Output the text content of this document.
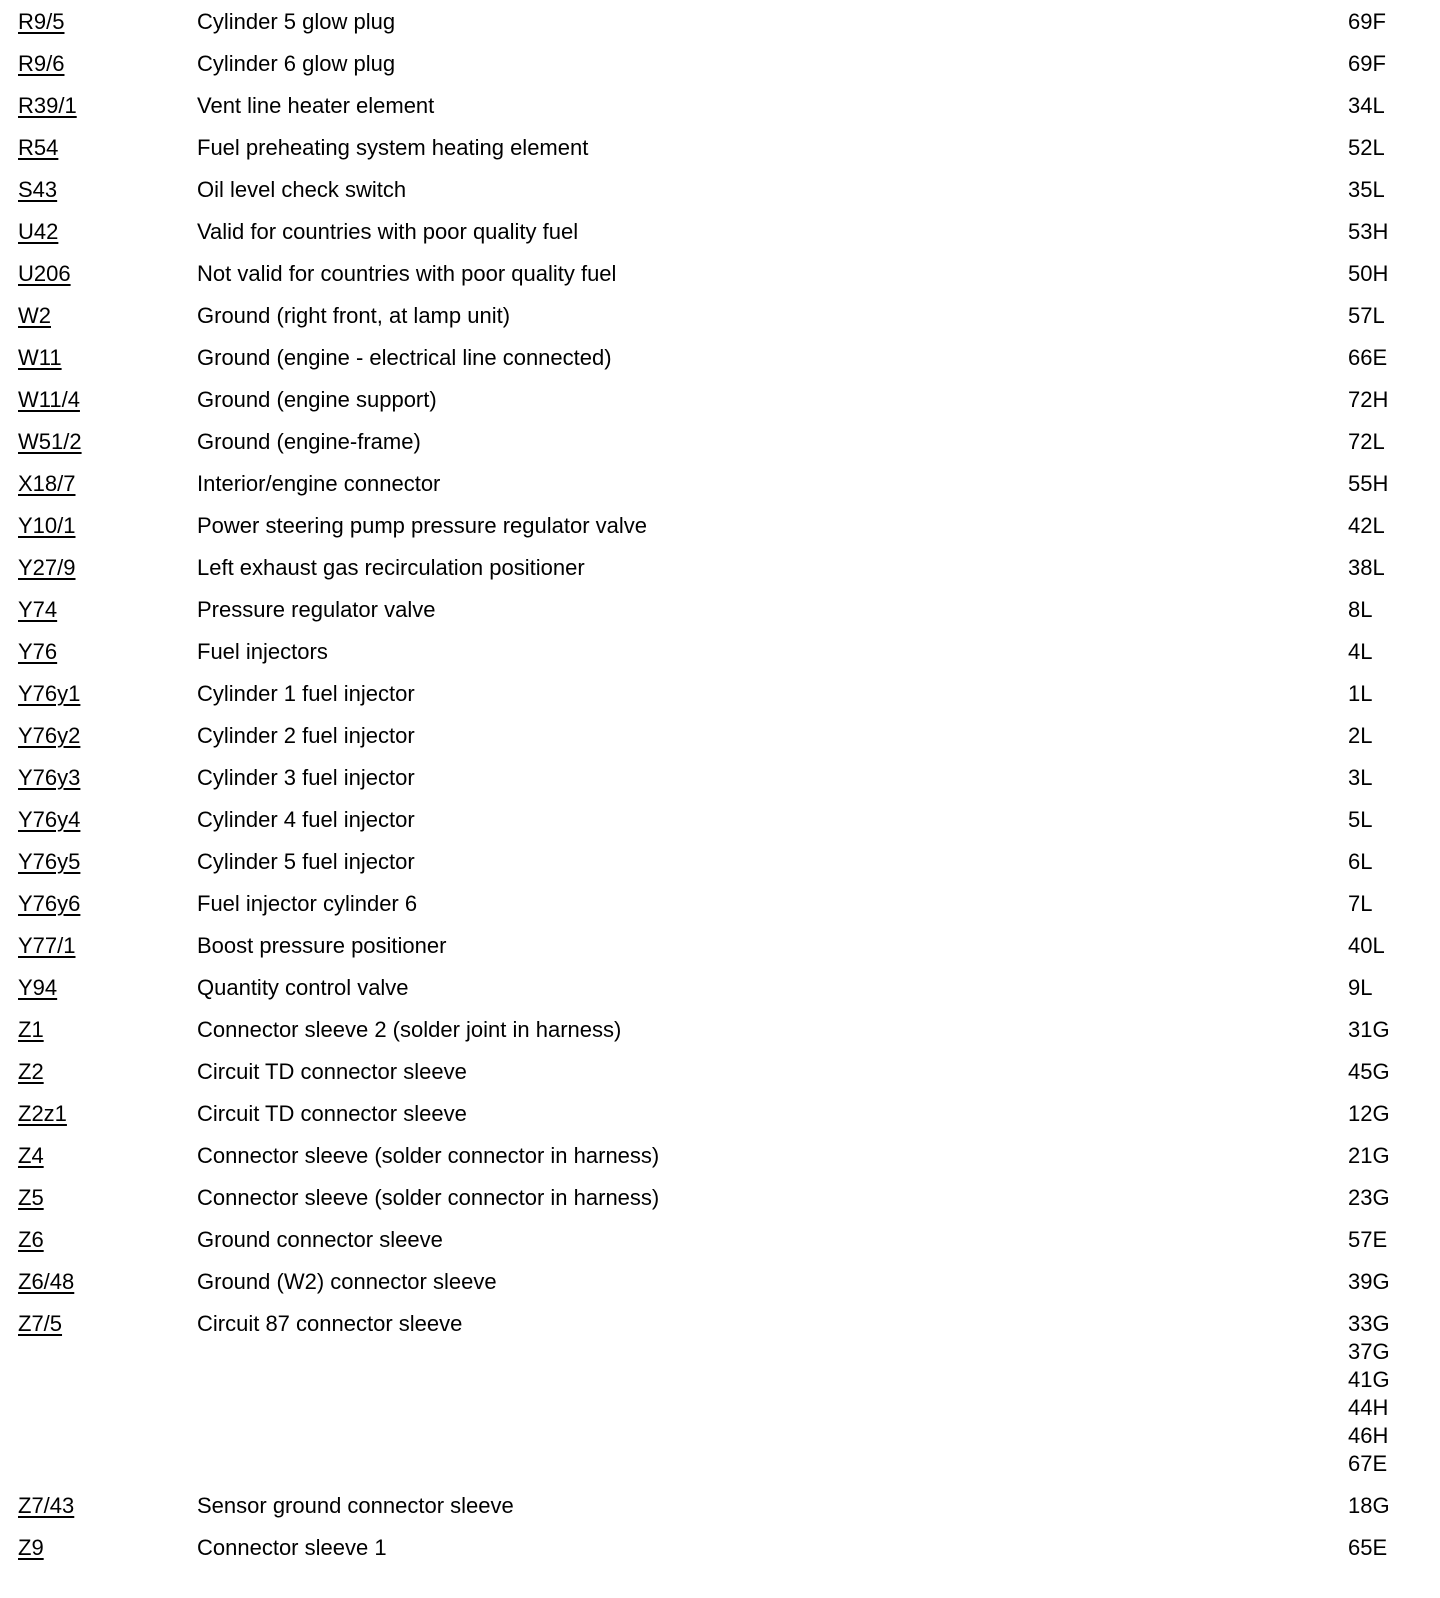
R9/5	Cylinder 5 glow plug	69F
R9/6	Cylinder 6 glow plug	69F
R39/1	Vent line heater element	34L
R54	Fuel preheating system heating element	52L
S43	Oil level check switch	35L
U42	Valid for countries with poor quality fuel	53H
U206	Not valid for countries with poor quality fuel	50H
W2	Ground (right front, at lamp unit)	57L
W11	Ground (engine - electrical line connected)	66E
W11/4	Ground (engine support)	72H
W51/2	Ground (engine-frame)	72L
X18/7	Interior/engine connector	55H
Y10/1	Power steering pump pressure regulator valve	42L
Y27/9	Left exhaust gas recirculation positioner	38L
Y74	Pressure regulator valve	8L
Y76	Fuel injectors	4L
Y76y1	Cylinder 1 fuel injector	1L
Y76y2	Cylinder 2 fuel injector	2L
Y76y3	Cylinder 3 fuel injector	3L
Y76y4	Cylinder 4 fuel injector	5L
Y76y5	Cylinder 5 fuel injector	6L
Y76y6	Fuel injector cylinder 6	7L
Y77/1	Boost pressure positioner	40L
Y94	Quantity control valve	9L
Z1	Connector sleeve 2 (solder joint in harness)	31G
Z2	Circuit TD connector sleeve	45G
Z2z1	Circuit TD connector sleeve	12G
Z4	Connector sleeve (solder connector in harness)	21G
Z5	Connector sleeve (solder connector in harness)	23G
Z6	Ground connector sleeve	57E
Z6/48	Ground (W2) connector sleeve	39G
Z7/5	Circuit 87 connector sleeve	33G
37G
41G
44H
46H
67E
Z7/43	Sensor ground connector sleeve	18G
Z9	Connector sleeve 1	65E
